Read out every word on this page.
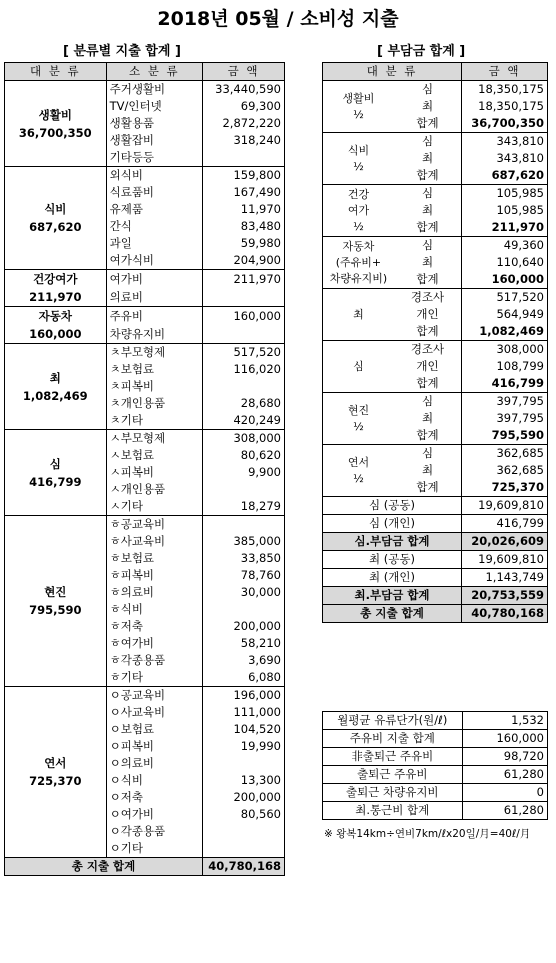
2018년 05월 / 소비성 지출
[ 분류별 지출 합계 ]	[ 부담금 합계 ]
대 분 류	소 분 류	금 액

생활비
36,700,350	주거생활비	33,440,590
	TV/인터넷	69,300
	생활용품	2,872,220
	생활잡비	318,240
	기타등등	

식비
687,620	외식비	159,800
	식료품비	167,490
	유제품	11,970
	간식	83,480
	과일	59,980
	여가식비	204,900

건강여가
211,970	여가비	211,970
	의료비	

자동차
160,000	주유비	160,000
	차량유지비	

최
1,082,469	ㅊ부모형제	517,520
	ㅊ보험료	116,020
	ㅊ피복비	
	ㅊ개인용품	28,680
	ㅊ기타	420,249

심
416,799	ㅅ부모형제	308,000
	ㅅ보험료	80,620
	ㅅ피복비	9,900
	ㅅ개인용품	
	ㅅ기타	18,279

현진
795,590	ㅎ공교육비	
	ㅎ사교육비	385,000
	ㅎ보험료	33,850
	ㅎ피복비	78,760
	ㅎ의료비	30,000
	ㅎ식비	
	ㅎ저축	200,000
	ㅎ여가비	58,210
	ㅎ각종용품	3,690
	ㅎ기타	6,080

연서
725,370	ㅇ공교육비	196,000
	ㅇ사교육비	111,000
	ㅇ보험료	104,520
	ㅇ피복비	19,990
	ㅇ의료비	
	ㅇ식비	13,300
	ㅇ저축	200,000
	ㅇ여가비	80,560
	ㅇ각종용품	
	ㅇ기타	
총 지출 합계		40,780,168
대 분 류		금 액

생활비
½	심	18,350,175
	최	18,350,175
	합계	36,700,350

식비
½	심	343,810
	최	343,810
	합계	687,620

건강
여가
½	심	105,985
	최	105,985
	합계	211,970

자동차
(주유비+
차량유지비)	심	49,360
	최	110,640
	합계	160,000

최	경조사	517,520
	개인	564,949
	합계	1,082,469

심	경조사	308,000
	개인	108,799
	합계	416,799

현진
½	심	397,795
	최	397,795
	합계	795,590

연서
½	심	362,685
	최	362,685
	합계	725,370
심 (공동)		19,609,810
심 (개인)		416,799
심.부담금 합계		20,026,609
최 (공동)		19,609,810
최 (개인)		1,143,749
최.부담금 합계		20,753,559
총 지출 합계		40,780,168
월평균 유류단가(원/ℓ)	1,532
주유비 지출 합계	160,000
非출퇴근 주유비	98,720
출퇴근 주유비	61,280
출퇴근 차량유지비	0
최.통근비 합계	61,280
※ 왕복14km÷연비7km/ℓx20일/月=40ℓ/月
